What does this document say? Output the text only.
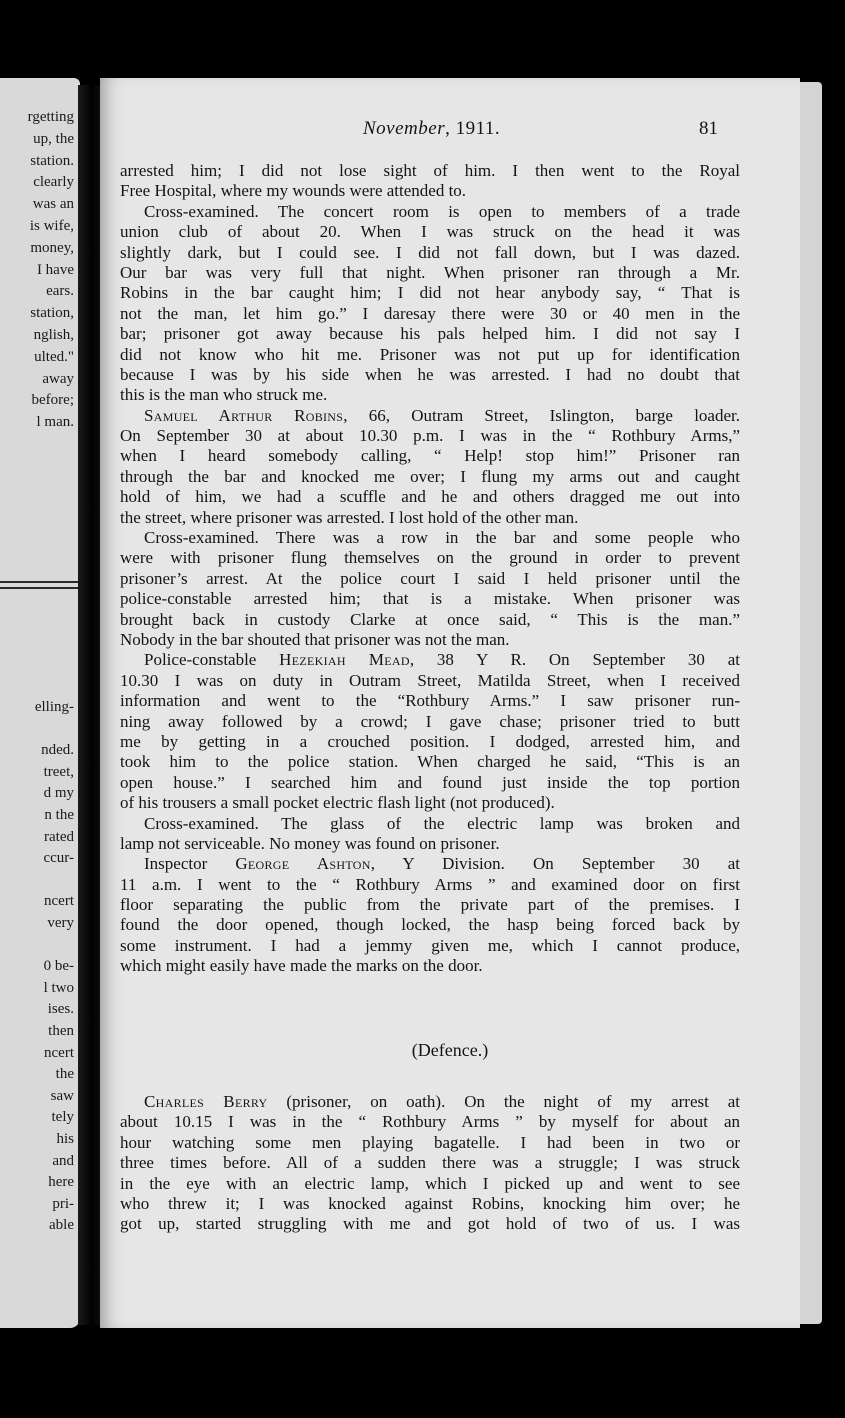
rgetting
up, the
station.
clearly
was an
is wife,
money,
I have
ears.
station,
nglish,
ulted."
away
before;
l man.
elling-
nded.
treet,
d my
n the
rated
ccur-
ncert
very
0 be-
l two
ises.
then
ncert
the
saw
tely
his
and
here
pri-
able
November, 1911.	81
arrested him; I did not lose sight of him. I then went to the Royal
Free Hospital, where my wounds were attended to.
Cross-examined. The concert room is open to members of a trade
union club of about 20. When I was struck on the head it was
slightly dark, but I could see. I did not fall down, but I was dazed.
Our bar was very full that night. When prisoner ran through a Mr.
Robins in the bar caught him; I did not hear anybody say, “ That is
not the man, let him go.” I daresay there were 30 or 40 men in the
bar; prisoner got away because his pals helped him. I did not say I
did not know who hit me. Prisoner was not put up for identification
because I was by his side when he was arrested. I had no doubt that
this is the man who struck me.
Samuel Arthur Robins, 66, Outram Street, Islington, barge loader.
On September 30 at about 10.30 p.m. I was in the “ Rothbury Arms,”
when I heard somebody calling, “ Help! stop him!” Prisoner ran
through the bar and knocked me over; I flung my arms out and caught
hold of him, we had a scuffle and he and others dragged me out into
the street, where prisoner was arrested. I lost hold of the other man.
Cross-examined. There was a row in the bar and some people who
were with prisoner flung themselves on the ground in order to prevent
prisoner’s arrest. At the police court I said I held prisoner until the
police-constable arrested him; that is a mistake. When prisoner was
brought back in custody Clarke at once said, “ This is the man.”
Nobody in the bar shouted that prisoner was not the man.
Police-constable Hezekiah Mead, 38 Y R. On September 30 at
10.30 I was on duty in Outram Street, Matilda Street, when I received
information and went to the “Rothbury Arms.” I saw prisoner run-
ning away followed by a crowd; I gave chase; prisoner tried to butt
me by getting in a crouched position. I dodged, arrested him, and
took him to the police station. When charged he said, “This is an
open house.” I searched him and found just inside the top portion
of his trousers a small pocket electric flash light (not produced).
Cross-examined. The glass of the electric lamp was broken and
lamp not serviceable. No money was found on prisoner.
Inspector George Ashton, Y Division. On September 30 at
11 a.m. I went to the “ Rothbury Arms ” and examined door on first
floor separating the public from the private part of the premises. I
found the door opened, though locked, the hasp being forced back by
some instrument. I had a jemmy given me, which I cannot produce,
which might easily have made the marks on the door.
(Defence.)
Charles Berry (prisoner, on oath). On the night of my arrest at
about 10.15 I was in the “ Rothbury Arms ” by myself for about an
hour watching some men playing bagatelle. I had been in two or
three times before. All of a sudden there was a struggle; I was struck
in the eye with an electric lamp, which I picked up and went to see
who threw it; I was knocked against Robins, knocking him over; he
got up, started struggling with me and got hold of two of us. I was
